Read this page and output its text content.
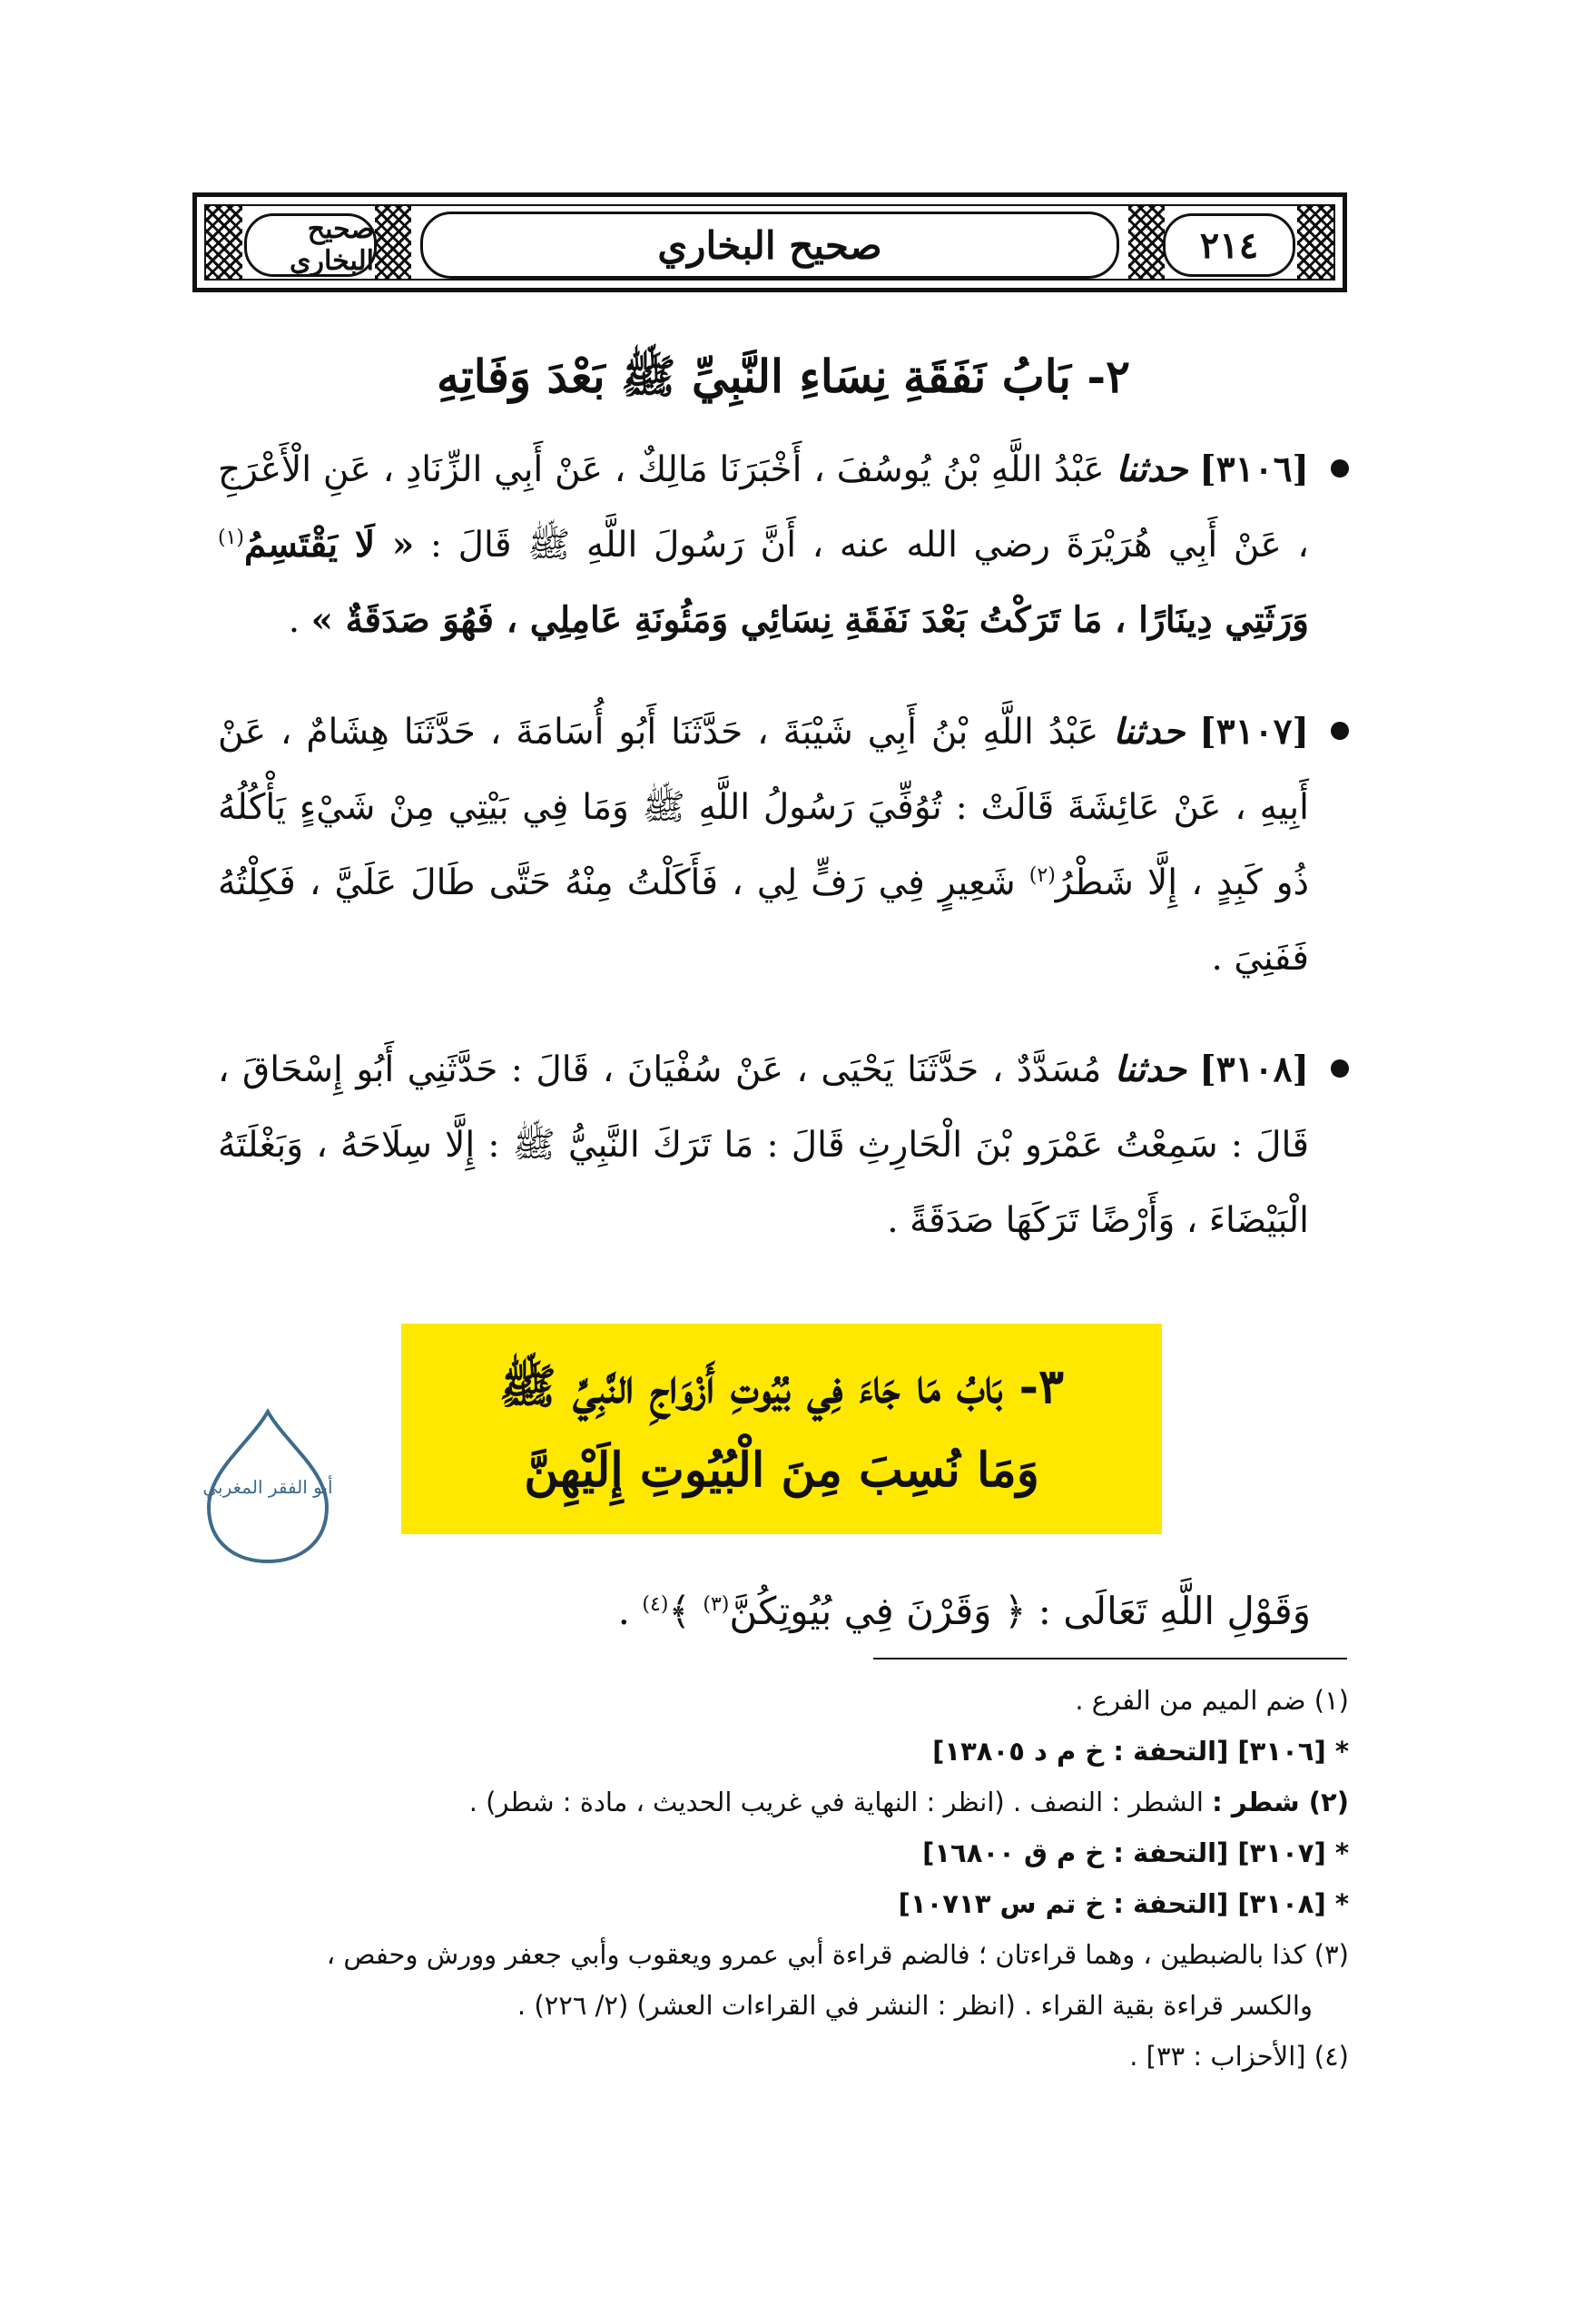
صحيح البخاري	صحيح البخاري	٢١٤
٢- بَابُ نَفَقَةِ نِسَاءِ النَّبِيِّ ﷺ بَعْدَ وَفَاتِهِ
[٣١٠٦] حدثنا عَبْدُ اللَّهِ بْنُ يُوسُفَ ، أَخْبَرَنَا مَالِكٌ ، عَنْ أَبِي الزِّنَادِ ، عَنِ الْأَعْرَجِ ، عَنْ أَبِي هُرَيْرَةَ رضي الله عنه ، أَنَّ رَسُولَ اللَّهِ ﷺ قَالَ : « لَا يَقْتَسِمُ$^{(١)}$ وَرَثَتِي دِينَارًا ، مَا تَرَكْتُ بَعْدَ نَفَقَةِ نِسَائِي وَمَئُونَةِ عَامِلِي ، فَهُوَ صَدَقَةٌ » .
[٣١٠٧] حدثنا عَبْدُ اللَّهِ بْنُ أَبِي شَيْبَةَ ، حَدَّثَنَا أَبُو أُسَامَةَ ، حَدَّثَنَا هِشَامٌ ، عَنْ أَبِيهِ ، عَنْ عَائِشَةَ قَالَتْ : تُوُفِّيَ رَسُولُ اللَّهِ ﷺ وَمَا فِي بَيْتِي مِنْ شَيْءٍ يَأْكُلُهُ ذُو كَبِدٍ ، إِلَّا شَطْرُ$^{(٢)}$ شَعِيرٍ فِي رَفٍّ لِي ، فَأَكَلْتُ مِنْهُ حَتَّى طَالَ عَلَيَّ ، فَكِلْتُهُ فَفَنِيَ .
[٣١٠٨] حدثنا مُسَدَّدٌ ، حَدَّثَنَا يَحْيَى ، عَنْ سُفْيَانَ ، قَالَ : حَدَّثَنِي أَبُو إِسْحَاقَ ، قَالَ : سَمِعْتُ عَمْرَو بْنَ الْحَارِثِ قَالَ : مَا تَرَكَ النَّبِيُّ ﷺ : إِلَّا سِلَاحَهُ ، وَبَغْلَتَهُ الْبَيْضَاءَ ، وَأَرْضًا تَرَكَهَا صَدَقَةً .
٣- بَابُ مَا جَاءَ فِي بُيُوتِ أَزْوَاجِ النَّبِيِّ ﷺ
وَمَا نُسِبَ مِنَ الْبُيُوتِ إِلَيْهِنَّ
أبو الفقر المغربي
وَقَوْلِ اللَّهِ تَعَالَى : ﴿ وَقَرْنَ فِي بُيُوتِكُنَّ$^{(٣)}$ ﴾$^{(٤)}$ .

(١) ضم الميم من الفرع .

* [٣١٠٦] [التحفة : خ م د ١٣٨٠٥]

(٢) شطر : الشطر : النصف . (انظر : النهاية في غريب الحديث ، مادة : شطر) .

* [٣١٠٧] [التحفة : خ م ق ١٦٨٠٠]

* [٣١٠٨] [التحفة : خ تم س ١٠٧١٣]

(٣) كذا بالضبطين ، وهما قراءتان ؛ فالضم قراءة أبي عمرو ويعقوب وأبي جعفر وورش وحفص ،

والكسر قراءة بقية القراء . (انظر : النشر في القراءات العشر) (٢/ ٢٢٦) .

(٤) [الأحزاب : ٣٣] .
